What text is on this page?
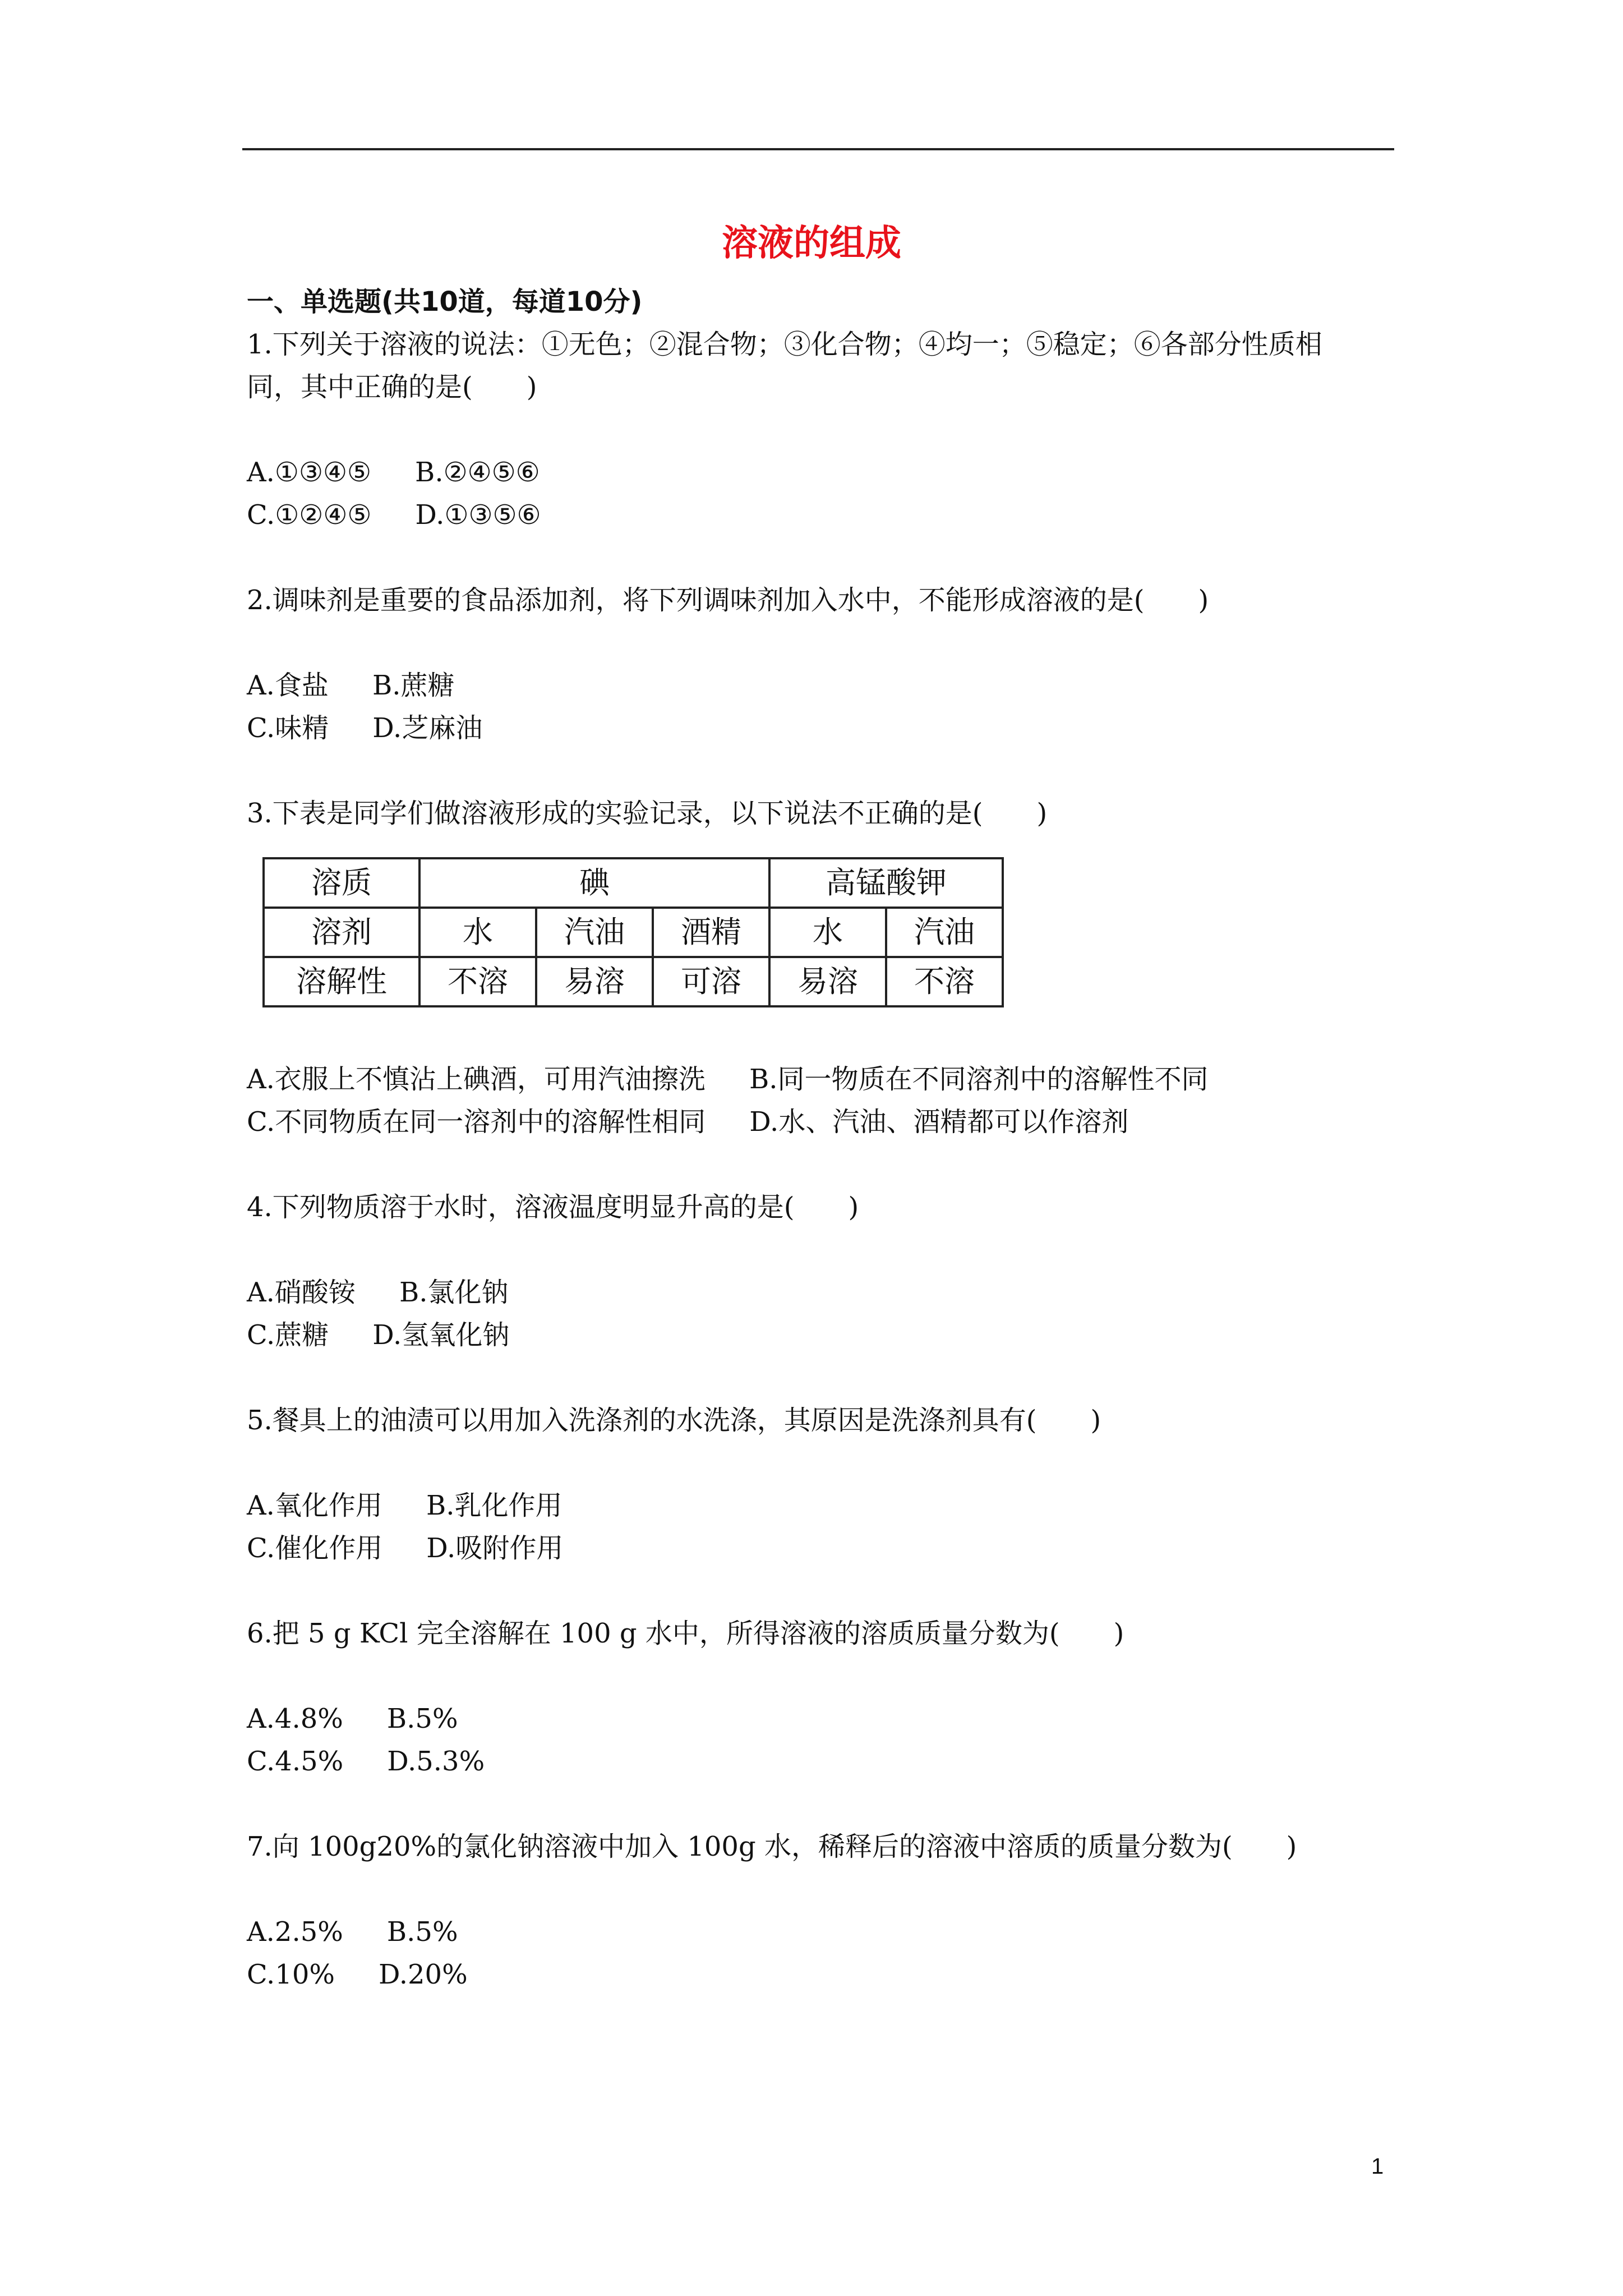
溶液的组成
一、单选题(共10道，每道10分)
1.下列关于溶液的说法：①无色；②混合物；③化合物；④均一；⑤稳定；⑥各部分性质相
同，其中正确的是(　　)
A.①③④⑤ B.②④⑤⑥
C.①②④⑤ D.①③⑤⑥
2.调味剂是重要的食品添加剂，将下列调味剂加入水中，不能形成溶液的是(　　)
A.食盐 B.蔗糖
C.味精 D.芝麻油
3.下表是同学们做溶液形成的实验记录，以下说法不正确的是(　　)
溶质	碘			高锰酸钾	
溶剂	水	汽油	酒精	水	汽油
溶解性	不溶	易溶	可溶	易溶	不溶
A.衣服上不慎沾上碘酒，可用汽油擦洗 B.同一物质在不同溶剂中的溶解性不同
C.不同物质在同一溶剂中的溶解性相同 D.水、汽油、酒精都可以作溶剂
4.下列物质溶于水时，溶液温度明显升高的是(　　)
A.硝酸铵 B.氯化钠
C.蔗糖 D.氢氧化钠
5.餐具上的油渍可以用加入洗涤剂的水洗涤，其原因是洗涤剂具有(　　)
A.氧化作用 B.乳化作用
C.催化作用 D.吸附作用
6.把 5 g KCl 完全溶解在 100 g 水中，所得溶液的溶质质量分数为(　　)
A.4.8% B.5%
C.4.5% D.5.3%
7.向 100g20%的氯化钠溶液中加入 100g 水，稀释后的溶液中溶质的质量分数为(　　)
A.2.5% B.5%
C.10% D.20%
1
